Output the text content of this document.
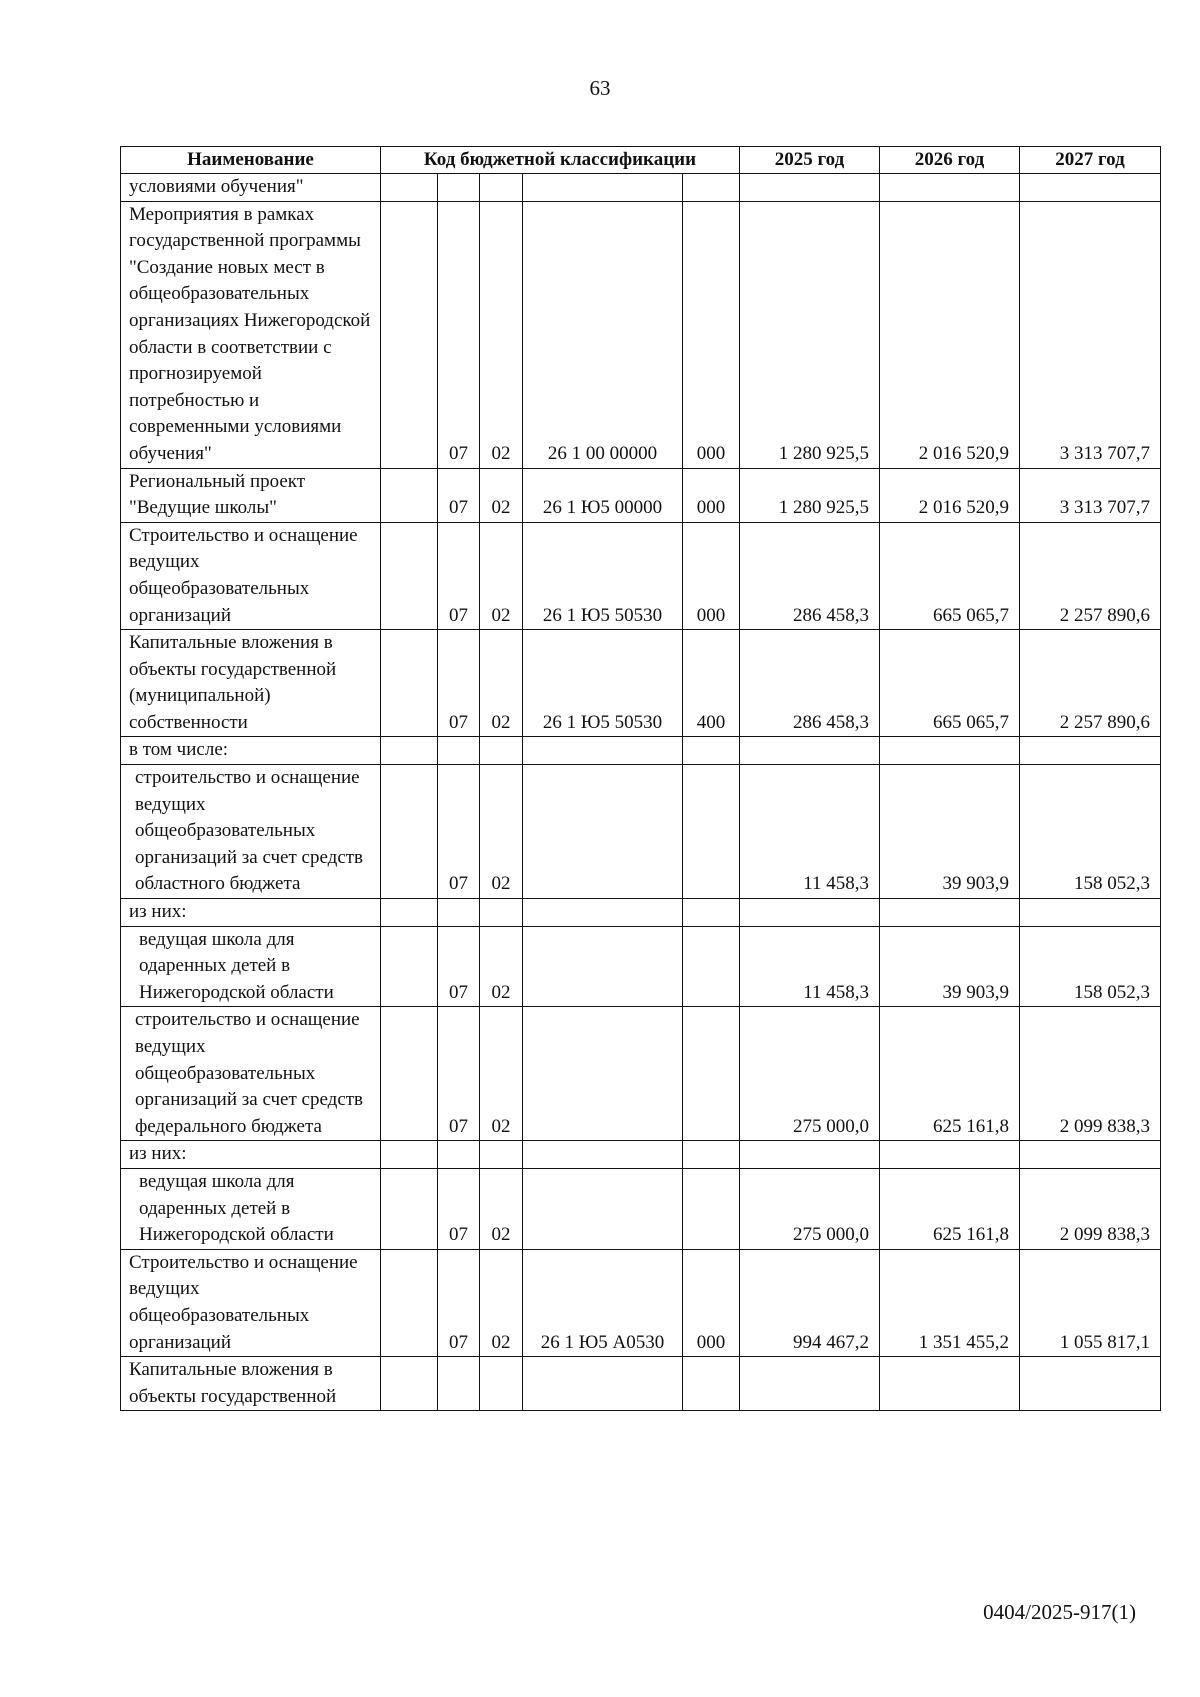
63
Наименование	Код бюджетной классификации					2025 год	2026 год	2027 год
условиями обучения"								
Мероприятия в рамках государственной программы "Создание новых мест в общеобразовательных организациях Нижегородской области в соответствии с прогнозируемой потребностью и современными условиями обучения"		07	02	26 1 00 00000	000	1 280 925,5	2 016 520,9	3 313 707,7
Региональный проект "Ведущие школы"		07	02	26 1 Ю5 00000	000	1 280 925,5	2 016 520,9	3 313 707,7
Строительство и оснащение ведущих общеобразовательных организаций		07	02	26 1 Ю5 50530	000	286 458,3	665 065,7	2 257 890,6
Капитальные вложения в объекты государственной (муниципальной) собственности		07	02	26 1 Ю5 50530	400	286 458,3	665 065,7	2 257 890,6
в том числе:								
строительство и оснащение ведущих общеобразовательных организаций за счет средств областного бюджета		07	02			11 458,3	39 903,9	158 052,3
из них:								
ведущая школа для одаренных детей в Нижегородской области		07	02			11 458,3	39 903,9	158 052,3
строительство и оснащение ведущих общеобразовательных организаций за счет средств федерального бюджета		07	02			275 000,0	625 161,8	2 099 838,3
из них:								
ведущая школа для одаренных детей в Нижегородской области		07	02			275 000,0	625 161,8	2 099 838,3
Строительство и оснащение ведущих общеобразовательных организаций		07	02	26 1 Ю5 А0530	000	994 467,2	1 351 455,2	1 055 817,1
Капитальные вложения в объекты государственной								
0404/2025-917(1)
